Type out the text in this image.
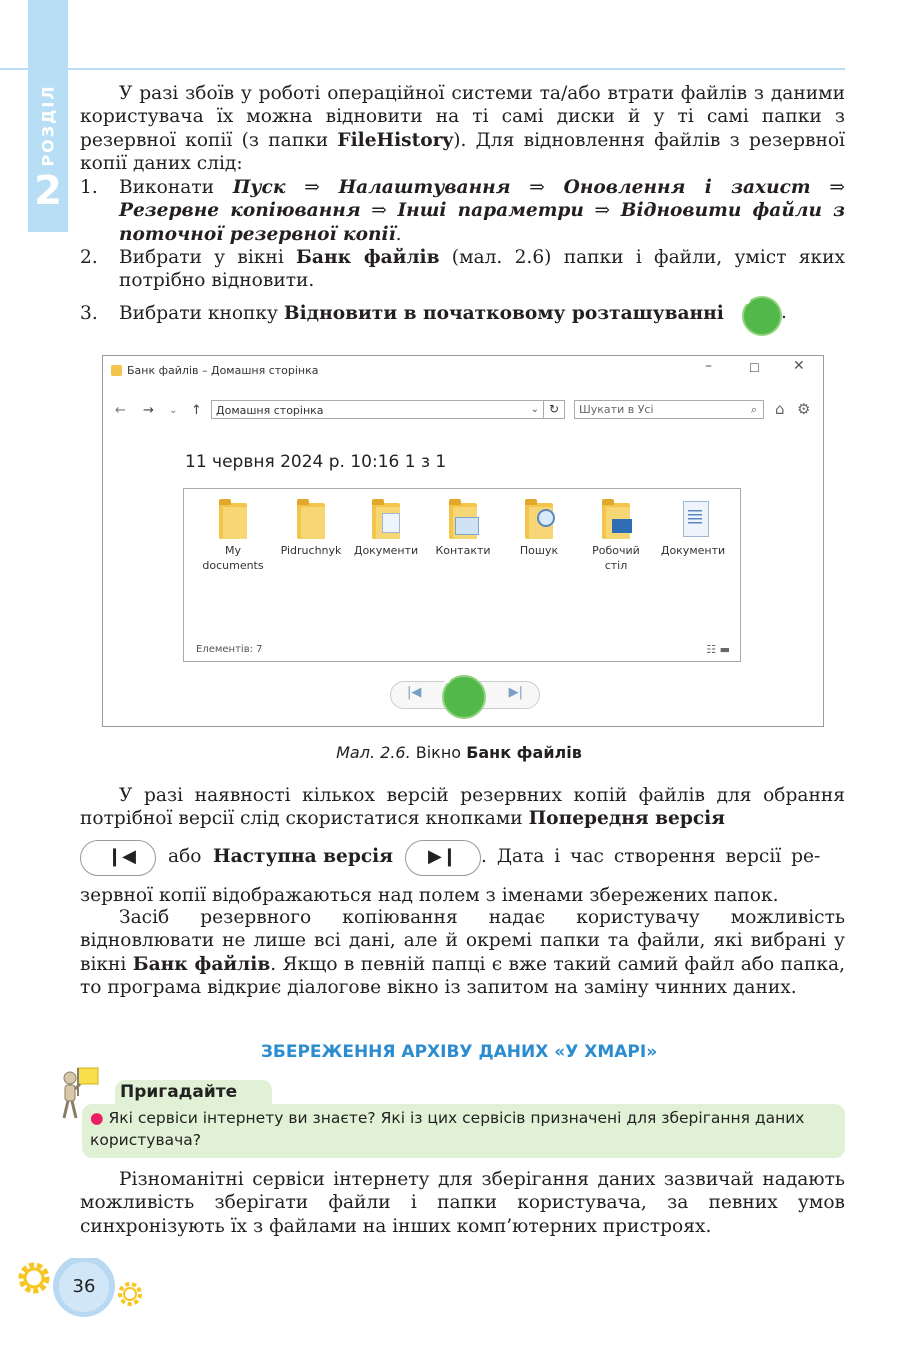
РОЗДІЛ
2
У разі збоїв у роботі операційної системи та/або втрати файлів з даними користувача їх можна відновити на ті самі диски й у ті самі папки з резервної копії (з папки FileHistory). Для відновлення файлів з резервної копії даних слід:
1. Виконати Пуск ⇒ Налаштування ⇒ Оновлення і захист ⇒ Резервне копіювання ⇒ Інші параметри ⇒ Відновити файли з поточної резервної копії.
2. Вибрати у вікні Банк файлів (мал. 2.6) папки і файли, уміст яких потрібно відновити.
3. Вибрати кнопку Відновити в початковому розташуванні	.
Банк файлів – Домашня сторінка	–	☐ ✕
← → ⌄ ↑	Домашня сторінка	⌄ ↻	Шукати в Усі	⌕ ⌂ ⚙
11 червня 2024 р. 10:16 1 з 1
My documents
Pidruchnyk	Документи	Контакти	Пошук	Робочий стіл
Документи
Елементів: 7	☷ ▬
|◀	▶|
Мал. 2.6. Вікно Банк файлів
У разі наявності кількох версій резервних копій файлів для обрання потрібної версії слід скористатися кнопками Попередня версія
❙◀ або Наступна версія ▶❙ . Дата і час створення версії ре-
зервної копії відображаються над полем з іменами збережених папок.
Засіб резервного копіювання надає користувачу можливість відновлювати не лише всі дані, але й окремі папки та файли, які вибрані у вікні Банк файлів. Якщо в певній папці є вже такий самий файл або папка, то програма відкриє діалогове вікно із запитом на заміну чинних даних.
ЗБЕРЕЖЕННЯ АРХІВУ ДАНИХ «У ХМАРІ»
Пригадайте
● Які сервіси інтернету ви знаєте? Які із цих сервісів призначені для зберігання даних користувача?
Різноманітні сервіси інтернету для зберігання даних зазвичай надають можливість зберігати файли і папки користувача, за певних умов синхронізують їх з файлами на інших комп’ютерних пристроях.
36
